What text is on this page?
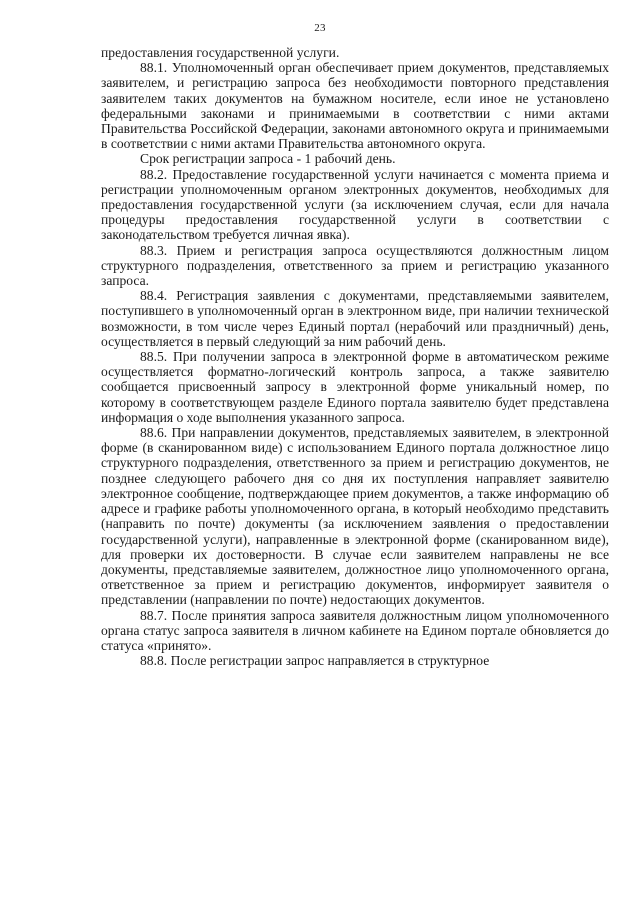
23

предоставления государственной услуги.

88.1. Уполномоченный орган обеспечивает прием документов, представляемых заявителем, и регистрацию запроса без необходимости повторного представления заявителем таких документов на бумажном носителе, если иное не установлено федеральными законами и принимаемыми в соответствии с ними актами Правительства Российской Федерации, законами автономного округа и принимаемыми в соответствии с ними актами Правительства автономного округа.

Срок регистрации запроса - 1 рабочий день.

88.2. Предоставление государственной услуги начинается с момента приема и регистрации уполномоченным органом электронных документов, необходимых для предоставления государственной услуги (за исключением случая, если для начала процедуры предоставления государственной услуги в соответствии с законодательством требуется личная явка).

88.3. Прием и регистрация запроса осуществляются должностным лицом структурного подразделения, ответственного за прием и регистрацию указанного запроса.

88.4. Регистрация заявления с документами, представляемыми заявителем, поступившего в уполномоченный орган в электронном виде, при наличии технической возможности, в том числе через Единый портал (нерабочий или праздничный) день, осуществляется в первый следующий за ним рабочий день.

88.5. При получении запроса в электронной форме в автоматическом режиме осуществляется форматно-логический контроль запроса, а также заявителю сообщается присвоенный запросу в электронной форме уникальный номер, по которому в соответствующем разделе Единого портала заявителю будет представлена информация о ходе выполнения указанного запроса.

88.6. При направлении документов, представляемых заявителем, в электронной форме (в сканированном виде) с использованием Единого портала должностное лицо структурного подразделения, ответственного за прием и регистрацию документов, не позднее следующего рабочего дня со дня их поступления направляет заявителю электронное сообщение, подтверждающее прием документов, а также информацию об адресе и графике работы уполномоченного органа, в который необходимо представить (направить по почте) документы (за исключением заявления о предоставлении государственной услуги), направленные в электронной форме (сканированном виде), для проверки их достоверности. В случае если заявителем направлены не все документы, представляемые заявителем, должностное лицо уполномоченного органа, ответственное за прием и регистрацию документов, информирует заявителя о представлении (направлении по почте) недостающих документов.

88.7. После принятия запроса заявителя должностным лицом уполномоченного органа статус запроса заявителя в личном кабинете на Едином портале обновляется до статуса «принято».

88.8. После регистрации запрос направляется в структурное
